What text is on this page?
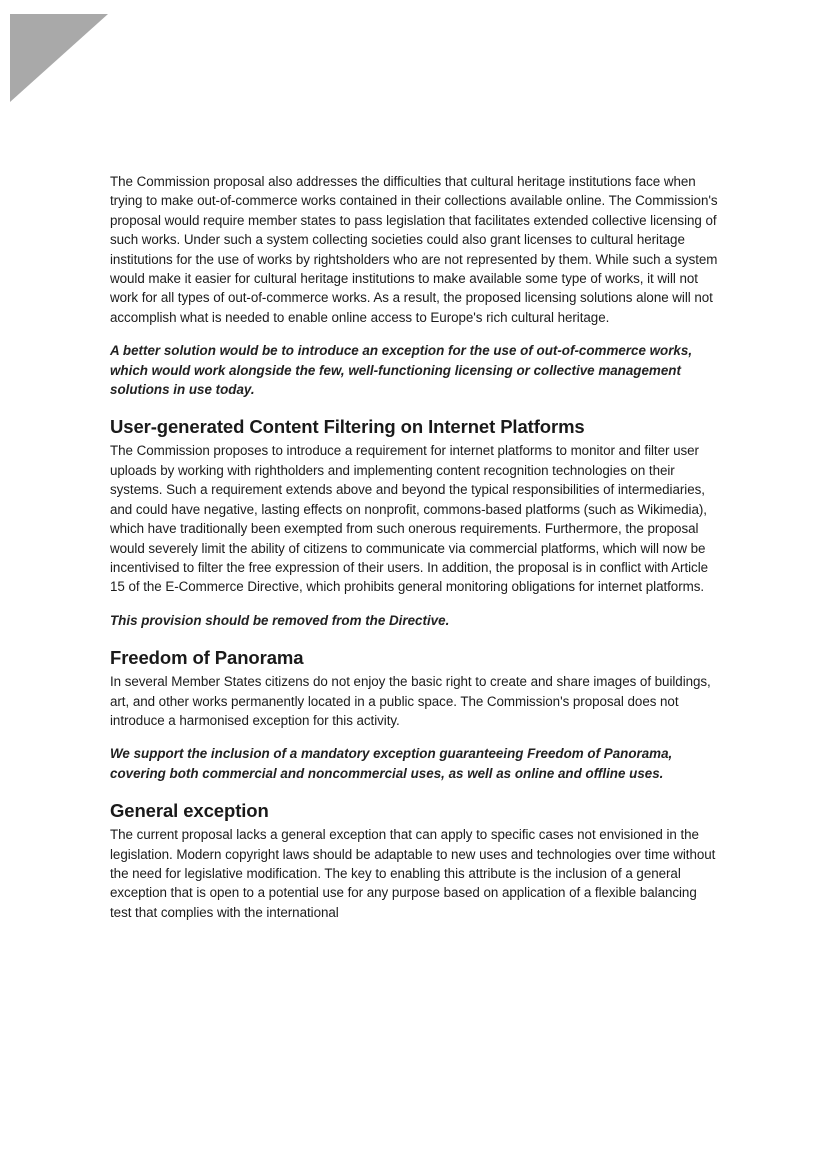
The Commission proposal also addresses the difficulties that cultural heritage institutions face when trying to make out-of-commerce works contained in their collections available online. The Commission's proposal would require member states to pass legislation that facilitates extended collective licensing of such works. Under such a system collecting societies could also grant licenses to cultural heritage institutions for the use of works by rightsholders who are not represented by them. While such a system would make it easier for cultural heritage institutions to make available some type of works, it will not work for all types of out-of-commerce works. As a result, the proposed licensing solutions alone will not accomplish what is needed to enable online access to Europe's rich cultural heritage.

A better solution would be to introduce an exception for the use of out-of-commerce works, which would work alongside the few, well-functioning licensing or collective management solutions in use today.

User-generated Content Filtering on Internet Platforms

The Commission proposes to introduce a requirement for internet platforms to monitor and filter user uploads by working with rightholders and implementing content recognition technologies on their systems. Such a requirement extends above and beyond the typical responsibilities of intermediaries, and could have negative, lasting effects on nonprofit, commons-based platforms (such as Wikimedia), which have traditionally been exempted from such onerous requirements. Furthermore, the proposal would severely limit the ability of citizens to communicate via commercial platforms, which will now be incentivised to filter the free expression of their users. In addition, the proposal is in conflict with Article 15 of the E-Commerce Directive, which prohibits general monitoring obligations for internet platforms.

This provision should be removed from the Directive.

Freedom of Panorama

In several Member States citizens do not enjoy the basic right to create and share images of buildings, art, and other works permanently located in a public space. The Commission's proposal does not introduce a harmonised exception for this activity.

We support the inclusion of a mandatory exception guaranteeing Freedom of Panorama, covering both commercial and noncommercial uses, as well as online and offline uses.

General exception

The current proposal lacks a general exception that can apply to specific cases not envisioned in the legislation. Modern copyright laws should be adaptable to new uses and technologies over time without the need for legislative modification. The key to enabling this attribute is the inclusion of a general exception that is open to a potential use for any purpose based on application of a flexible balancing test that complies with the international
